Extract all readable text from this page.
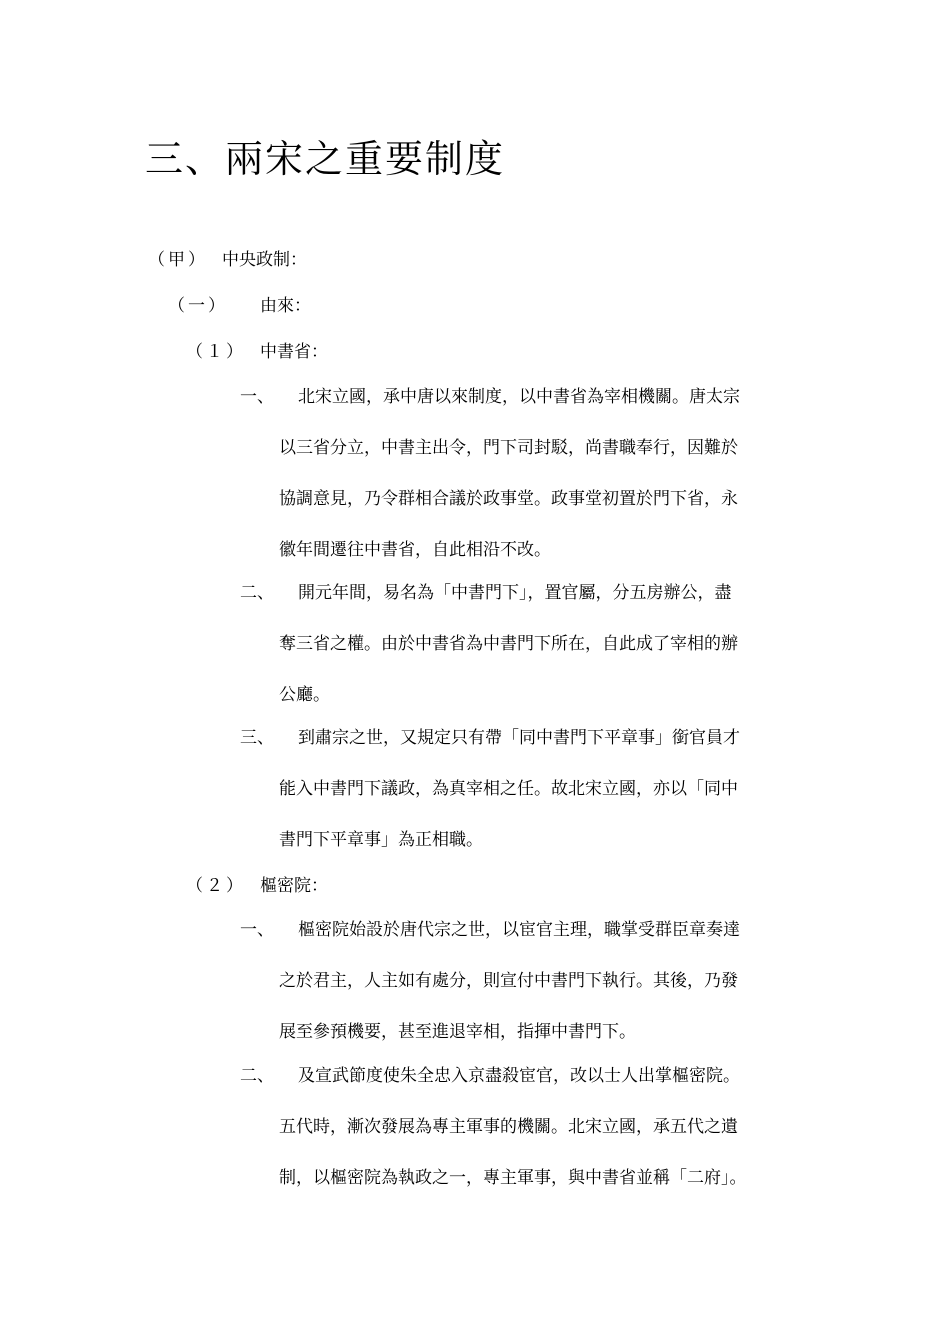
三、兩宋之重要制度
（甲） 中央政制：
（一） 由來：
（１） 中書省：
一、 北宋立國，承中唐以來制度，以中書省為宰相機關。唐太宗
以三省分立，中書主出令，門下司封駁，尚書職奉行，因難於
協調意見，乃令群相合議於政事堂。政事堂初置於門下省，永
徽年間遷往中書省，自此相沿不改。
二、 開元年間，易名為「中書門下」，置官屬，分五房辦公，盡
奪三省之權。由於中書省為中書門下所在，自此成了宰相的辦
公廳。
三、 到肅宗之世，又規定只有帶「同中書門下平章事」銜官員才
能入中書門下議政，為真宰相之任。故北宋立國，亦以「同中
書門下平章事」為正相職。
（２） 樞密院：
一、 樞密院始設於唐代宗之世，以宦官主理，職掌受群臣章奏達
之於君主，人主如有處分，則宣付中書門下執行。其後，乃發
展至參預機要，甚至進退宰相，指揮中書門下。
二、 及宣武節度使朱全忠入京盡殺宦官，改以士人出掌樞密院。
五代時，漸次發展為專主軍事的機關。北宋立國，承五代之遺
制，以樞密院為執政之一，專主軍事，與中書省並稱「二府」。
